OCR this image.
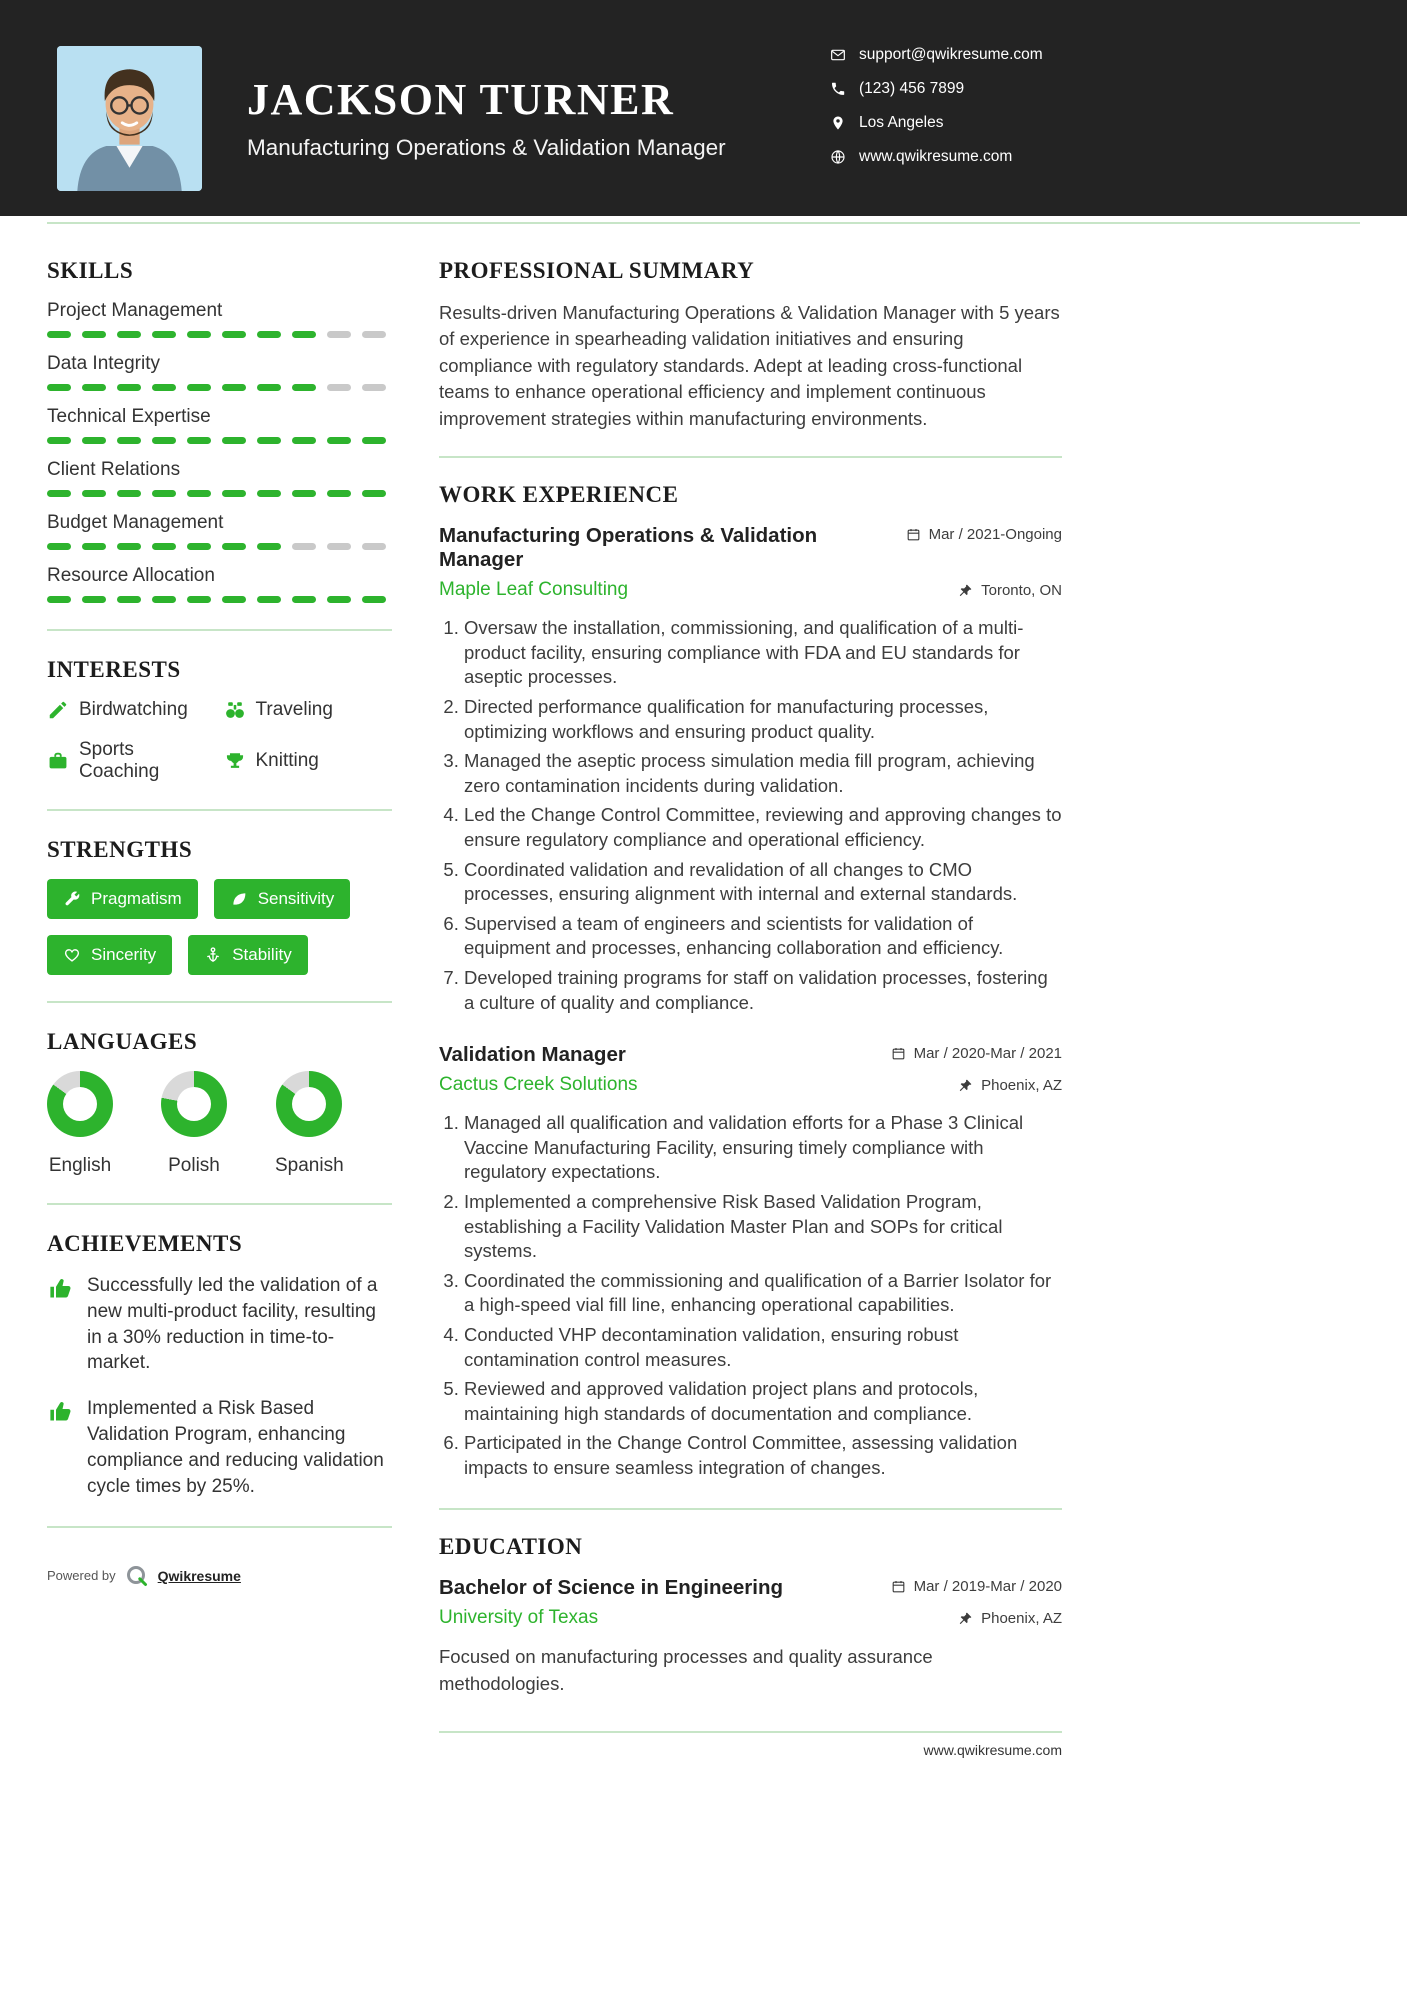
JACKSON TURNER
Manufacturing Operations & Validation Manager
support@qwikresume.com
(123) 456 7899
Los Angeles
www.qwikresume.com
SKILLS
Project Management
Data Integrity
Technical Expertise
Client Relations
Budget Management
Resource Allocation
INTERESTS
Birdwatching	Traveling
Sports Coaching
Knitting
STRENGTHS
Pragmatism	Sensitivity
Sincerity	Stability
LANGUAGES
English	Polish	Spanish
ACHIEVEMENTS
Successfully led the validation of a new multi-product facility, resulting in a 30% reduction in time-to-market.
Implemented a Risk Based Validation Program, enhancing compliance and reducing validation cycle times by 25%.
Powered by	Qwikresume
PROFESSIONAL SUMMARY

Results-driven Manufacturing Operations & Validation Manager with 5 years of experience in spearheading validation initiatives and ensuring compliance with regulatory standards. Adept at leading cross-functional teams to enhance operational efficiency and implement continuous improvement strategies within manufacturing environments.

WORK EXPERIENCE
Manufacturing Operations & Validation Manager
Mar / 2021-Ongoing
Maple Leaf Consulting	Toronto, ON
1. Oversaw the installation, commissioning, and qualification of a multi-product facility, ensuring compliance with FDA and EU standards for aseptic processes.
2. Directed performance qualification for manufacturing processes, optimizing workflows and ensuring product quality.
3. Managed the aseptic process simulation media fill program, achieving zero contamination incidents during validation.
4. Led the Change Control Committee, reviewing and approving changes to ensure regulatory compliance and operational efficiency.
5. Coordinated validation and revalidation of all changes to CMO processes, ensuring alignment with internal and external standards.
6. Supervised a team of engineers and scientists for validation of equipment and processes, enhancing collaboration and efficiency.
7. Developed training programs for staff on validation processes, fostering a culture of quality and compliance.
Validation Manager	Mar / 2020-Mar / 2021
Cactus Creek Solutions	Phoenix, AZ
1. Managed all qualification and validation efforts for a Phase 3 Clinical Vaccine Manufacturing Facility, ensuring timely compliance with regulatory expectations.
2. Implemented a comprehensive Risk Based Validation Program, establishing a Facility Validation Master Plan and SOPs for critical systems.
3. Coordinated the commissioning and qualification of a Barrier Isolator for a high-speed vial fill line, enhancing operational capabilities.
4. Conducted VHP decontamination validation, ensuring robust contamination control measures.
5. Reviewed and approved validation project plans and protocols, maintaining high standards of documentation and compliance.
6. Participated in the Change Control Committee, assessing validation impacts to ensure seamless integration of changes.
EDUCATION
Bachelor of Science in Engineering	Mar / 2019-Mar / 2020
University of Texas	Phoenix, AZ

Focused on manufacturing processes and quality assurance methodologies.

www.qwikresume.com
